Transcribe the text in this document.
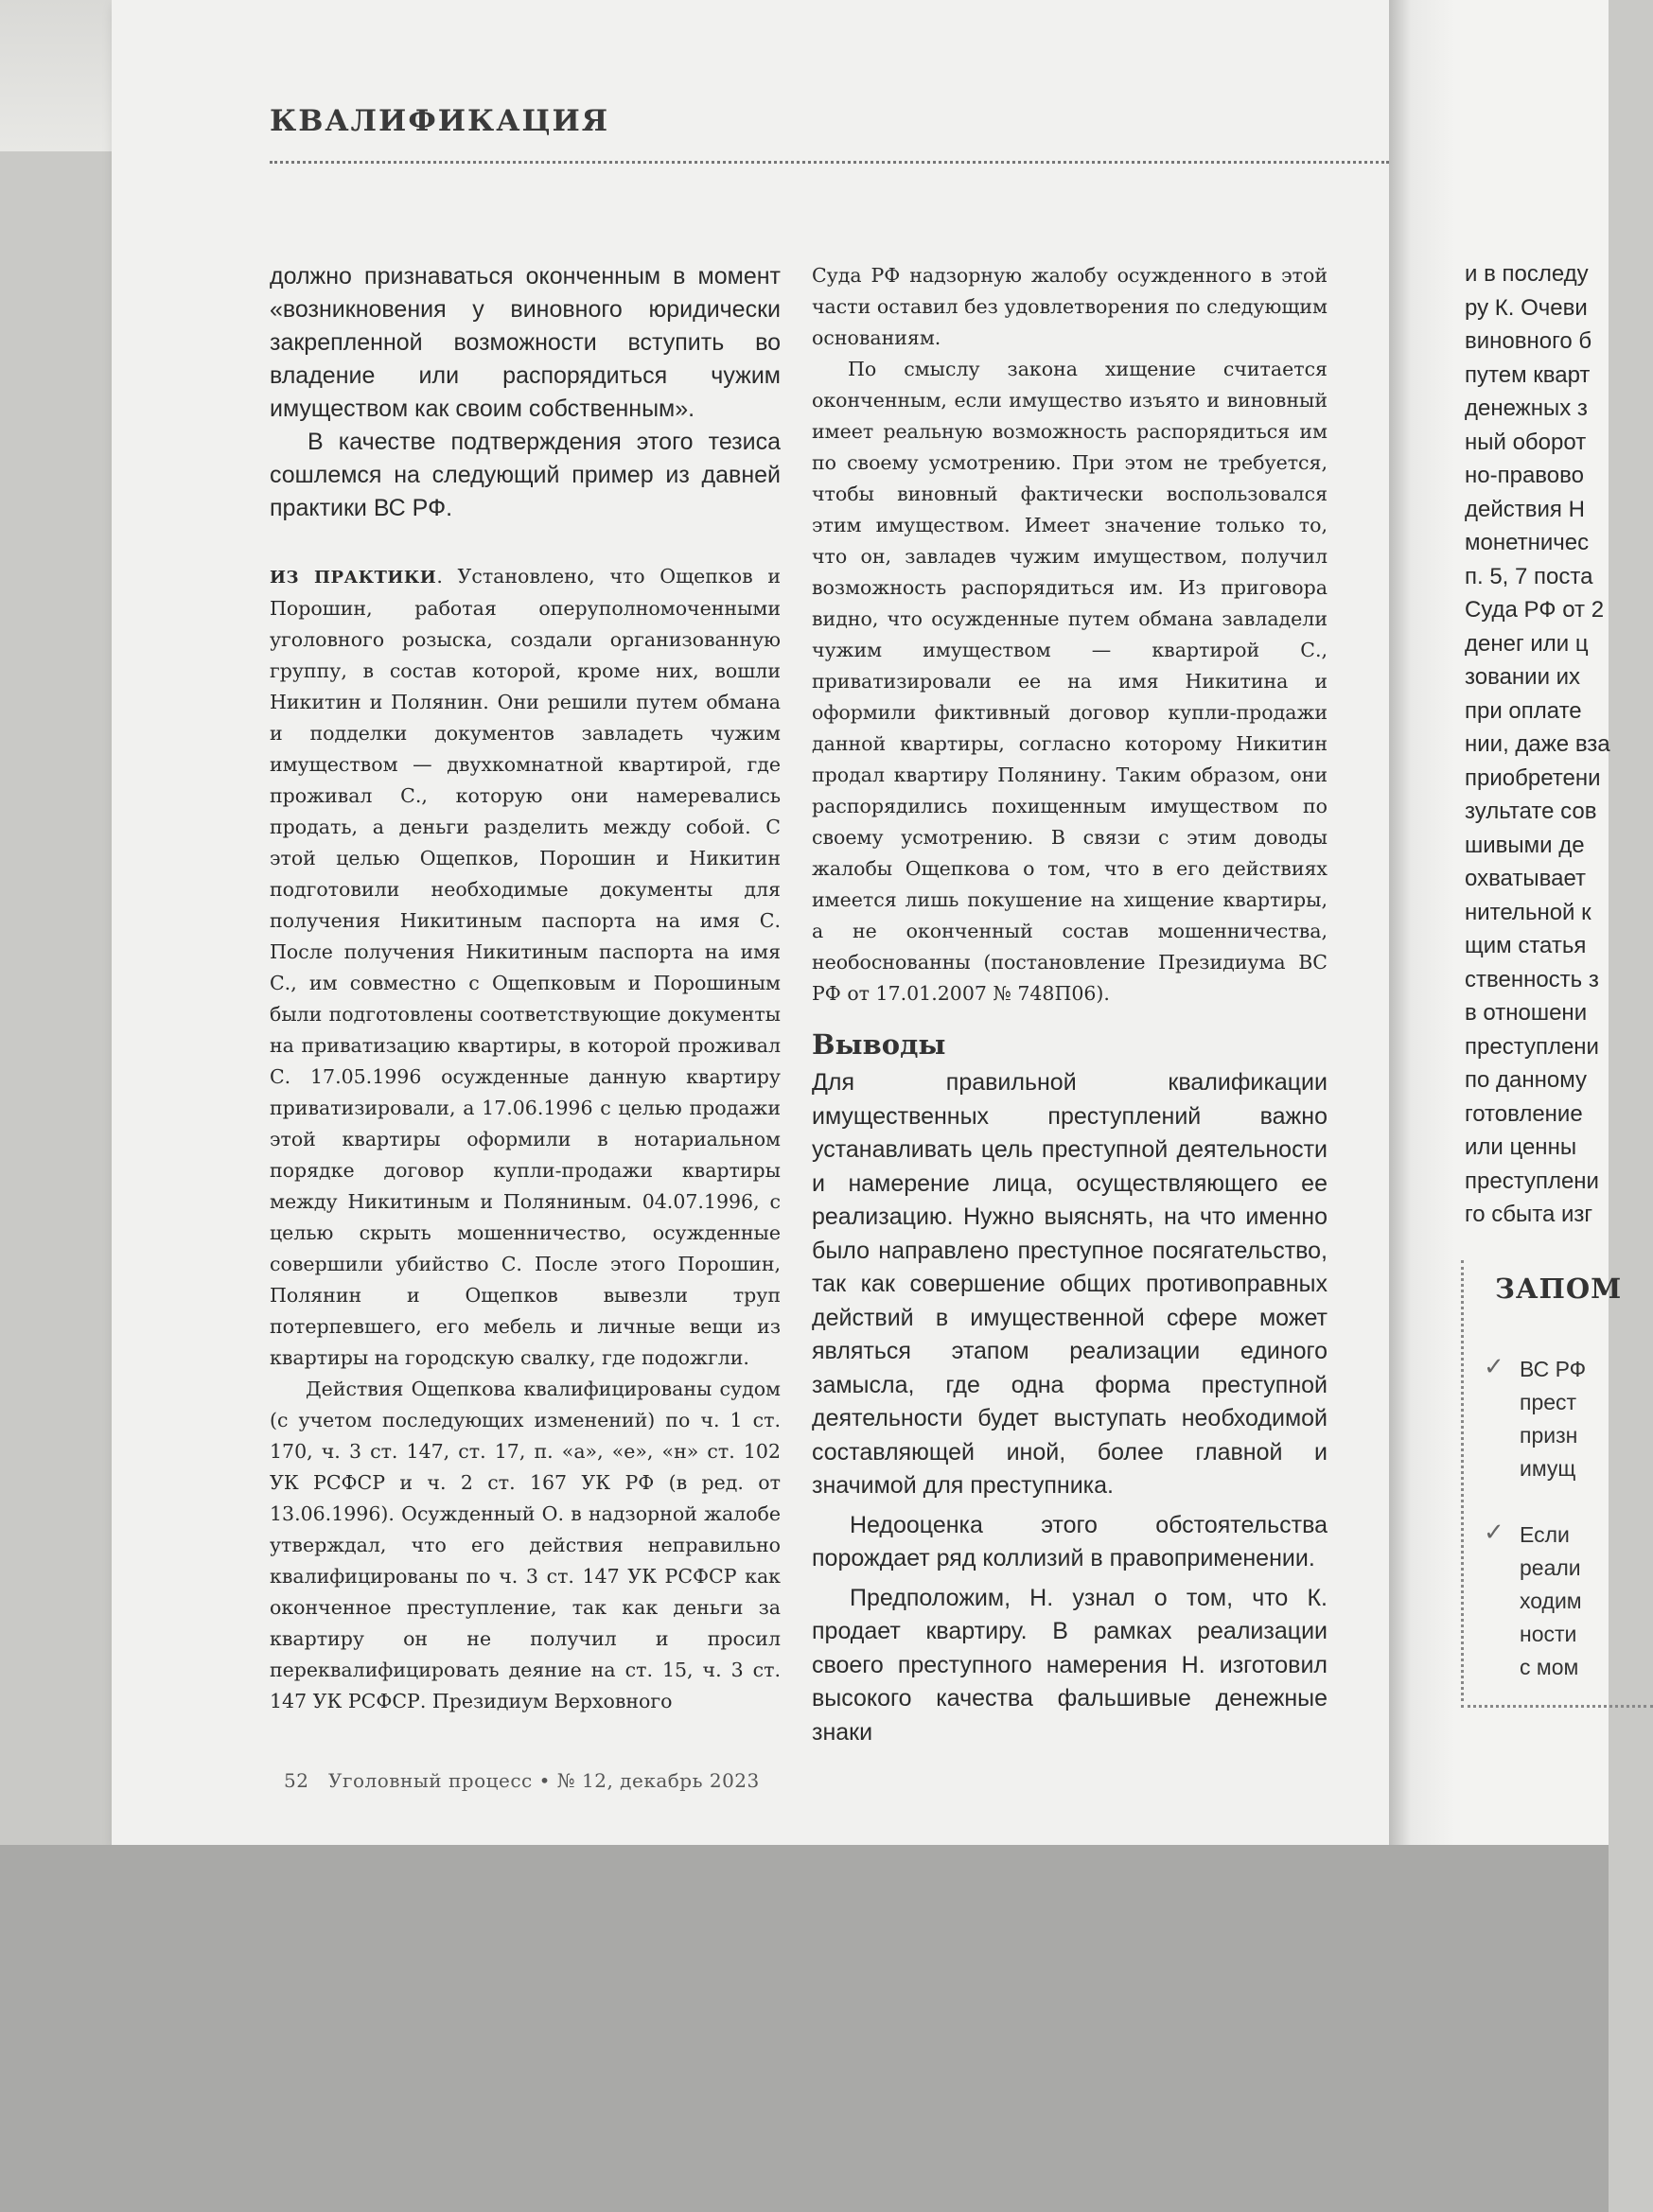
КВАЛИФИКАЦИЯ

должно признаваться оконченным в момент «возникновения у виновного юридически закрепленной возможности вступить во владение или распорядиться чужим имуществом как своим собственным».

В качестве подтверждения этого тезиса сошлемся на следующий пример из давней практики ВС РФ.

ИЗ ПРАКТИКИ. Установлено, что Ощепков и Порошин, работая оперуполномоченными уголовного розыска, создали организованную группу, в состав которой, кроме них, вошли Никитин и Полянин. Они решили путем обмана и подделки документов завладеть чужим имуществом — двухкомнатной квартирой, где проживал С., которую они намеревались продать, а деньги разделить между собой. С этой целью Ощепков, Порошин и Никитин подготовили необходимые документы для получения Никитиным паспорта на имя С. После получения Никитиным паспорта на имя С., им совместно с Ощепковым и Порошиным были подготовлены соответствующие документы на приватизацию квартиры, в которой проживал С. 17.05.1996 осужденные данную квартиру приватизировали, а 17.06.1996 с целью продажи этой квартиры оформили в нотариальном порядке договор купли-продажи квартиры между Никитиным и Поляниным. 04.07.1996, с целью скрыть мошенничество, осужденные совершили убийство С. После этого Порошин, Полянин и Ощепков вывезли труп потерпевшего, его мебель и личные вещи из квартиры на городскую свалку, где подожгли.

Действия Ощепкова квалифицированы судом (с учетом последующих изменений) по ч. 1 ст. 170, ч. 3 ст. 147, ст. 17, п. «а», «е», «н» ст. 102 УК РСФСР и ч. 2 ст. 167 УК РФ (в ред. от 13.06.1996). Осужденный О. в надзорной жалобе утверждал, что его действия неправильно квалифицированы по ч. 3 ст. 147 УК РСФСР как оконченное преступление, так как деньги за квартиру он не получил и просил переквалифицировать деяние на ст. 15, ч. 3 ст. 147 УК РСФСР. Президиум Верховного

Суда РФ надзорную жалобу осужденного в этой части оставил без удовлетворения по следующим основаниям.

По смыслу закона хищение считается оконченным, если имущество изъято и виновный имеет реальную возможность распорядиться им по своему усмотрению. При этом не требуется, чтобы виновный фактически воспользовался этим имуществом. Имеет значение только то, что он, завладев чужим имуществом, получил возможность распорядиться им. Из приговора видно, что осужденные путем обмана завладели чужим имуществом — квартирой С., приватизировали ее на имя Никитина и оформили фиктивный договор купли-продажи данной квартиры, согласно которому Никитин продал квартиру Полянину. Таким образом, они распорядились похищенным имуществом по своему усмотрению. В связи с этим доводы жалобы Ощепкова о том, что в его действиях имеется лишь покушение на хищение квартиры, а не оконченный состав мошенничества, необоснованны (постановление Президиума ВС РФ от 17.01.2007 № 748П06).

Выводы

Для правильной квалификации имущественных преступлений важно устанавливать цель преступной деятельности и намерение лица, осуществляющего ее реализацию. Нужно выяснять, на что именно было направлено преступное посягательство, так как совершение общих противоправных действий в имущественной сфере может являться этапом реализации единого замысла, где одна форма преступной деятельности будет выступать необходимой составляющей иной, более главной и значимой для преступника.

Недооценка этого обстоятельства порождает ряд коллизий в правоприменении.

Предположим, Н. узнал о том, что К. продает квартиру. В рамках реализации своего преступного намерения Н. изготовил высокого качества фальшивые денежные знаки

52 Уголовный процесс • № 12, декабрь 2023
и в последу
ру К. Очеви
виновного б
путем кварт
денежных з
ный оборот
но-правово
действия Н
монетничес
п. 5, 7 поста
Суда РФ от 2
денег или ц
зовании их
при оплате
нии, даже вза
приобретени
зультате сов
шивыми де
охватывает
нительной к
щим статья
ственность з
в отношени
преступлени
по данному
готовление
или ценны
преступлени
го сбыта изг
ЗАПОМ
✓ ВС РФ
прест
призн
имущ
✓ Если
реали
ходим
ности
с мом
